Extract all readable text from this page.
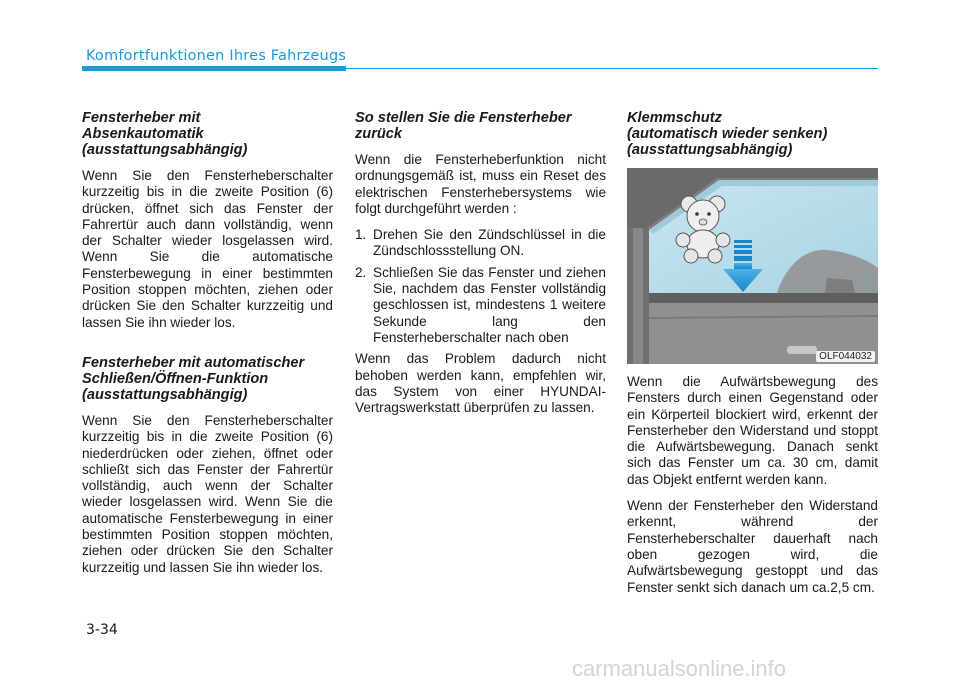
Komfortfunktionen Ihres Fahrzeugs
Fensterheber mit
Absenkautomatik
(ausstattungsabhängig)

Wenn Sie den Fensterheberschalter kurzzeitig bis in die zweite Position (6) drücken, öffnet sich das Fenster der Fahrertür auch dann vollständig, wenn der Schalter wieder losgelassen wird. Wenn Sie die automatische Fensterbewegung in einer bestimmten Position stoppen möchten, ziehen oder drücken Sie den Schalter kurzzeitig und lassen Sie ihn wieder los.

Fensterheber mit automatischer
Schließen/Öffnen-Funktion
(ausstattungsabhängig)

Wenn Sie den Fensterheberschalter kurzzeitig bis in die zweite Position (6) niederdrücken oder ziehen, öffnet oder schließt sich das Fenster der Fahrertür vollständig, auch wenn der Schalter wieder losgelassen wird. Wenn Sie die automatische Fensterbewegung in einer bestimmten Position stoppen möchten, ziehen oder drücken Sie den Schalter kurzzeitig und lassen Sie ihn wieder los.

So stellen Sie die Fensterheber
zurück

Wenn die Fensterheberfunktion nicht ordnungsgemäß ist, muss ein Reset des elektrischen Fensterhebersystems wie folgt durchgeführt werden :

1. Drehen Sie den Zündschlüssel in die Zündschlossstellung ON.
2. Schließen Sie das Fenster und ziehen Sie, nachdem das Fenster vollständig geschlossen ist, mindestens 1 weitere Sekunde lang den Fensterheberschalter nach oben

Wenn das Problem dadurch nicht behoben werden kann, empfehlen wir, das System von einer HYUNDAI-Vertragswerkstatt überprüfen zu lassen.

Klemmschutz
(automatisch wieder senken)
(ausstattungsabhängig)
OLF044032

Wenn die Aufwärtsbewegung des Fensters durch einen Gegenstand oder ein Körperteil blockiert wird, erkennt der Fensterheber den Widerstand und stoppt die Aufwärtsbewegung. Danach senkt sich das Fenster um ca. 30 cm, damit das Objekt entfernt werden kann.

Wenn der Fensterheber den Widerstand erkennt, während der Fensterheberschalter dauerhaft nach oben gezogen wird, die Aufwärtsbewegung gestoppt und das Fenster senkt sich danach um ca.2,5 cm.

3-34
carmanualsonline.info
